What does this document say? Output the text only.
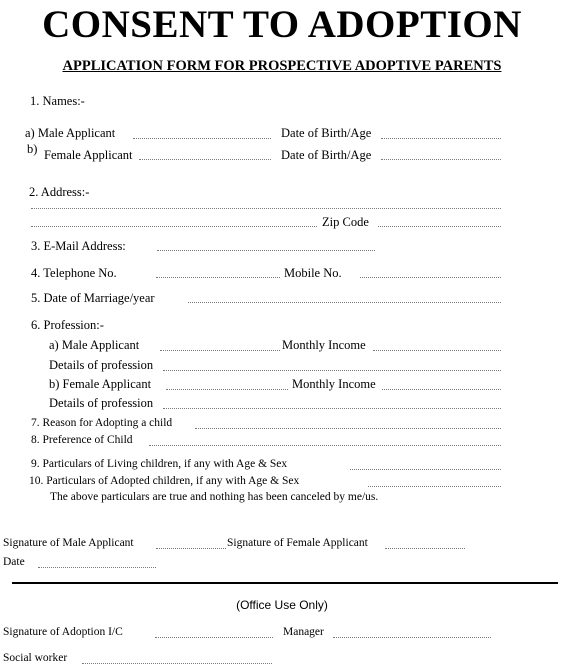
CONSENT TO ADOPTION
APPLICATION FORM FOR PROSPECTIVE ADOPTIVE PARENTS
1. Names:-
a) Male Applicant	Date of Birth/Age
b) Female Applicant	Date of Birth/Age
2. Address:-
Zip Code
3. E-Mail Address:
4. Telephone No.	Mobile No.
5. Date of Marriage/year
6. Profession:-
a) Male Applicant	Monthly Income
Details of profession
b) Female Applicant	Monthly Income
Details of profession
7. Reason for Adopting a child
8. Preference of Child
9. Particulars of Living children, if any with Age & Sex
10. Particulars of Adopted children, if any with Age & Sex
The above particulars are true and nothing has been canceled by me/us.
Signature of Male Applicant	Signature of Female Applicant
Date
(Office Use Only)
Signature of Adoption I/C	Manager
Social worker
